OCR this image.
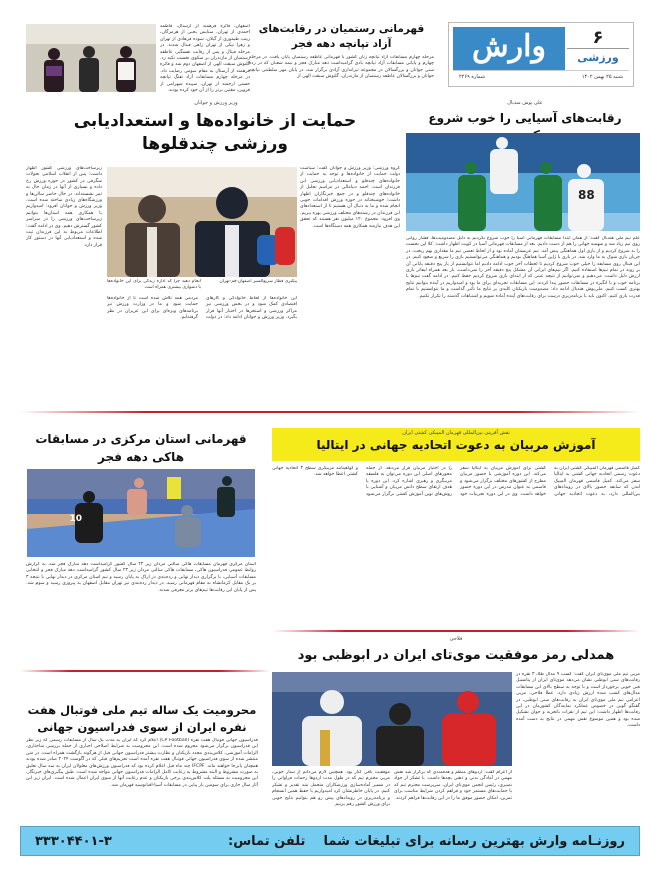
وارش	۶
ورزشی
شنبه ۲۵ بهمن ۱۴۰۲
شماره ۲۲۶۹
قهرمانی رستمیان در رقابت‌های آزاد تپانچه دهه فجر
مرحله چهارم مسابقات آزاد تپانچه زنان کشور با قهرمانی عاطفه رستمیان پایان یافت. در مرحله چهارم و پایانی مسابقات آزاد تپانچه بادی گرامیداشت دهه مبارک فجر و نیمه شعبان که در رده سنی جوانان و بزرگسالان در مجموعه تیراندازی آزادی برگزار شد، در پایان مهر سلطنتی تپانچه جوانان و بزرگسالان عاطفه رستمیان از مازندران، گلنوش سبقت الهی از
اصفهان، فائزه فرهمند از آرسنال، فاطمه احمدی از تهران، ستایش یحیی از هرمزگان، زینب طیموری از گیلان، سوده فرهادی از تهران و زهرا نیکی از تهران راهی فینال شدند. در مرحله فینال و پس از رقابت نفسگیر، عاطفه رستمیان از مازندران بر سکوی نخست تکیه زد. گلنوش سبقت الهی از اصفهان دوم شد و فائزه فرهمند از آرسنال به مقام سومی رضایت داد. در مرحله چهارم مسابقات آزاد تفنگ تپانچه حسنی ارجمند از تهران، سپیده شهرامی از قزوین، مقتین برتر را از آن خود کرده بودند.
وزیر ورزش و جوانان
حمایت از خانواده‌ها و استعدادیابی ورزشی چندقلوها
گروه ورزشی: وزیر ورزش و جوانان گفت: سیاست دولت حمایت از خانواده‌ها و توجه به حمایت از خانواده‌های چندقلو و استعدادیابی ورزشی این فرزندان است. احمد دنیامالی در مراسم تجلیل از خانواده‌های چندقلو و در جمع خبرنگاران اظهار داشت: خوشبختانه در حوزه ورزش اقدامات خوبی انجام شده و ما به دنبال آن هستیم تا از استعدادهای این فرزندان در رشته‌های مختلف ورزشی بهره ببریم. وی افزود: مجموع ۱۲۰ میلیون نفر هستند که تحقق این هدف نیازمند همکاری همه دستگاه‌ها است.
زیرساخت‌های ورزشی کشور اظهار داشت: پس از انقلاب اسلامی تحولات شگرفی در کشور در حوزه ورزش رخ داده و بسیاری از آنها در زمان حال به ثمر نشسته‌اند. در حال حاضر سالن‌ها و ورزشگاه‌های زیادی ساخته شده است. وزیر ورزش و جوانان افزود: امیدواریم با همکاری همه استان‌ها بتوانیم زیرساخت‌های ورزشی را در سراسر کشور گسترش دهیم. وی در ادامه گفت: اطلاعات مربوط به این فرزندان ثبت شده و استعدادیابی آنها در دستور کار قرار دارد.
پیگیری قطار سریع‌السیر اصفهان-قم-تهران
انجام دهید چرا که اداره زندگی برای این خانواده‌ها با دشواری بیشتری همراه است
این خانواده‌ها از لحاظ خانوادگی و کارهای اقتصادی کمک شود و در بخش ورزشی نیز مراکز ورزشی و استخرها در اختیار آنها قرار بگیرد. وزیر ورزش و جوانان ادامه داد: در دولت مردمی همه تلاش شده است تا از خانواده‌ها حمایت شود و ما در وزارت ورزش نیز برنامه‌های ویژه‌ای برای این عزیزان در نظر گرفته‌ایم.
علی پوش مندبال
رقابت‌های آسیایی را خوب شروع
88
علم تیم ملی هندبال گفت: از همان ابتدا مسابقات قهرمانی آسیا را خوب شروع نکردیم به دلیل مصدومیت‌ها، فشار روانی روی تیم زیاد شد و سهمیه جهانی را هم از دست دادیم. بعد از مسابقات قهرمانی آسیا در کویت اظهار داشت: کلا این نحست را بد شروع کردیم و از بازی اول هماهنگی پیش آمد. تیم عربستان آماده بود و از لحاظ تعصی تیم ما مقداری بهم ریخت. در جریان بازی شوک به ما وارد شد. در بازی با ژاپن آسیا هماهنگ بودیم و هماهنگی می‌توانستیم بازی را سریع و صعود کنیم. در این فینال روی مسابقه را خیلی خوب شروع کردیم تا لحظات آخر خوب ادامه دادیم اما نتوانستیم از بار پنج دقیقه پایانی آن بر روند در تمام تیم‌ها استفاده کنیم. اگر تیم‌های ایرانی آن مشکل پنج دقیقه آخر را نمی‌داشت، بار بعد همراه لیفاتر بازی ارزش دلیل داشت. می‌دهیم و نمی‌توانیم از نتیجه عینی که از ابتدای بازی شروع کردیم حفظ کنیم. در ادامه گفت تیم‌ها با برنامه خوب و با انگیزه در مسابقات حضور پیدا کردند. این مسابقات تجربه‌ای برای ما بود و امیدواریم در آینده بتوانیم نتایج بهتری کسب کنیم. ملی‌پوش هندبال ادامه داد: مصدومیت بازیکنان کلیدی بر نتایج ما تأثیر گذاشت و ما نتوانستیم با تمام قدرت بازی کنیم. اکنون باید با برنامه‌ریزی درست برای رقابت‌های آینده آماده شویم و اشتباهات گذشته را تکرار نکنیم.
قهرمانی استان مرکزی در مسابقات هاکی دهه فجر
10
استان مرکزی قهرمان مسابقات هاکی سالنی مردان زیر ۲۳ سال کشور گرامیداشت دهه مبارک فجر شد. به گزارش روابط عمومی فدراسیون هاکی، مسابقات هاکی سالنی مردان زیر ۲۳ سال کشور گرامیداشت دهه مبارک فجر و انتخابی مسابقات آسیایی، با برگزاری دیدار نهایی و رده‌بندی در اراک به پایان رسید و تیم استان مرکزی در دیدار نهایی با نتیجه ۳ بر یک مقابل کرمانشاه به مقام قهرمانی رسید. در دیدار رده‌بندی نیز تهران مقابل اصفهان به پیروزی رسید و سوم شد. پس از پایان این رقابت‌ها تیم‌های برتر معرفی شدند.
نقش آفرینی بین‌المللی قهرمان المپیکی کشتی ایران
آموزش مربیان به دعوت اتحادیه جهانی در ایتالیا
کمیل قاسمی قهرمان المپیکی کشتی ایران به دعوت رسمی اتحادیه جهانی کشتی به ایتالیا سفر می‌کند. کمیل قاسمی قهرمان المپیک لندن که سابقه حضور بالای در رویدادهای بین‌المللی دارد، به دعوت اتحادیه جهانی کشتی برای آموزش مربیان به ایتالیا سفر می‌کند. این دوره آموزشی با حضور مربیان مطرح از کشورهای مختلف برگزار می‌شود و قاسمی به عنوان مدرس در این دوره حضور خواهد داشت. وی در این دوره تجربیات خود را در اختیار مربیان قرار می‌دهد. از جمله محورهای اصلی این دوره می‌توان به فلسفه مربیگری و رهبری اشاره کرد. این دوره با هدف ارتقای سطح دانش مربیان و آشنایی با روش‌های نوین آموزش کشتی برگزار می‌شود و گواهینامه مربیگری سطح ۳ اتحادیه جهانی کشتی اعطا خواهد شد.
فلاحی
همدلی رمز موفقیت موی‌تای ایران در ابوظبی بود
مربی تیم ملی موی‌تای ایران گفت: کسب ۹ مدال طلا، ۳ نقره در رقابت‌های سنی ابوظبی نشان می‌دهد موی‌تای ایران از پتانسیل فنی خوبی برخوردار است و با توجه به سطح بالای این مسابقات مدال‌های کسب شده ارزش زیادی دارد. عطا فلاحی، مربی اعزامی تیم ملی موی‌تای ایران به رقابت‌های سنی ابوظبی، در گفتگو گویی در خصوص عملکرد نمایندگان کشورمان در این رقابت‌ها اظهار داشت: این تیم از نفرات باتجربه و جوان تشکیل شده بود و همین موضوع نقش مهمی در نتایج به دست آمده داشت.
از اعزام گفت: اردوهای منظم و هدفمندی که برگزار شد نقش مهمی در آمادگی بدنی و ذهنی بچه‌ها داشت. با تشکر از جواد نصیری، رئیس انجمن موی‌تای ایران، سرپرست محترم تیم که با حمایت‌های مستمر خود و فراهم کردن شرایط مناسب برای تمرین، امکان حضور موفق ما را در این رقابت‌ها فراهم کردند.
موفقیت باقی کنار بود. همچنین لازم می‌دانم از ستار خوبی، مربی محترم تیم که در طول مدت اردوها زحمات فراوانی را در مسیر آماده‌سازی ورزشکاران متحمل شد تقدیر و تشکر کنیم. در پایان خاطرنشان کرد امیدواریم با حفظ همین انسجام و برنامه‌ریزی در رویدادهای پیش رو هم بتوانیم نتایج خوبی برای ورزش کشور رقم بزنیم.
محرومیت یک ساله تیم ملی فوتبال هفت نفره ایران از سوی فدراسیون جهانی
فدراسیون جهانی فوتبال هفت نفره (CP Football) اعلام کرد که ایران به مدت یک سال از مسابقات رسمی که زیر نظر این فدراسیون برگزار می‌شود محروم شده است. این محرومیت به شرایط اصلاحی اجباری از جمله بررسی ساختاری، الزامات آموزشی، کلاس‌بندی مجدد بازیکنان و نظارت بیشتر فدراسیون جهانی قبل از هرگونه بازگشت همراه است. در متن منتشر شده از سوی فدراسیون جهانی فوتبال هفت نفره آمده است تحریم‌های قبلی که در آگوست ۲۰۲۴ صادر شده بودند همچنان پابرجا خواهند ماند. IFCPF چند ماه قبل اعلام کرده بود که فدراسیون ورزش‌های معلولان ایران به سه سال تعلیق به صورت مشروط و البته مشروط به رعایت کامل الزامات فدراسیون جهانی مواجه شده است. طبق پیگیری‌های خبرنگار، این محرومیت به مسئله پلت کلاس‌بندی برخی بازیکنان و عدم رعایت آنها از سوی ایران اعمال شده است. ایران زیر این آثار سال جاری برای سومین بار پیاپی در مسابقات آسیا-اقیانوسیه قهرمان شد.
روزنـامه وارش بهترین رسانه برای تبلیغات شما    تلفن تماس:
۳۳۳۰۴۴۰۱-۳
